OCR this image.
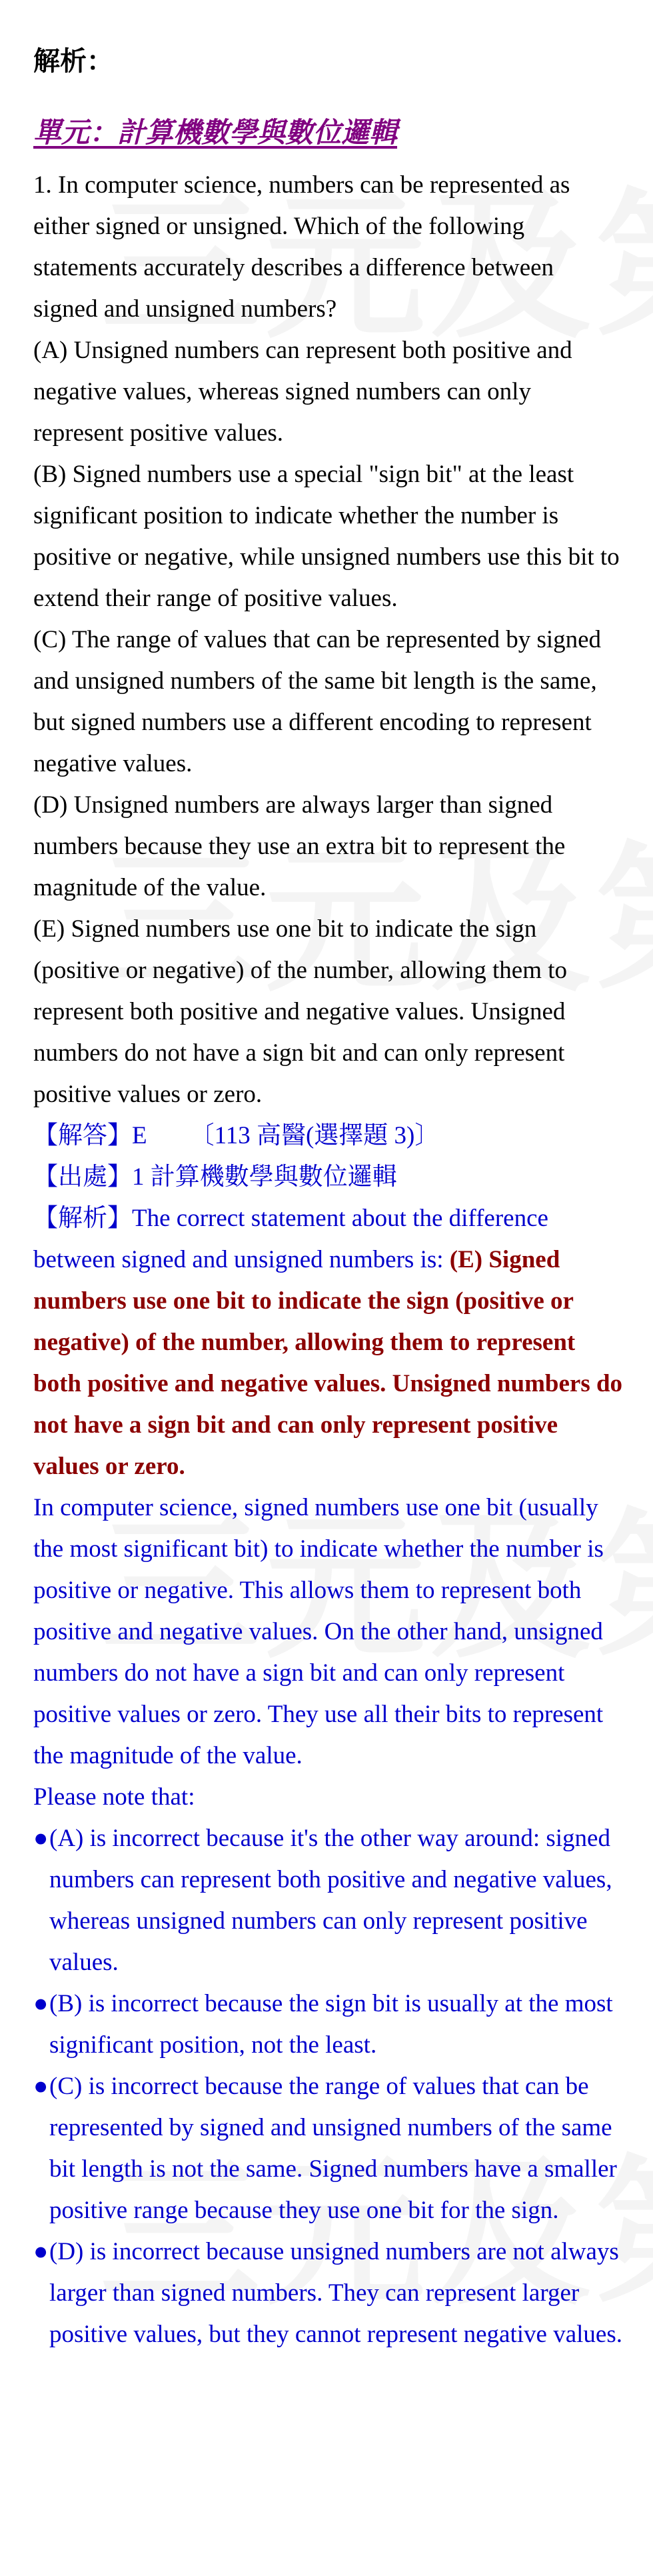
解析：
單元：計算機數學與數位邏輯

1. In computer science, numbers can be represented as either signed or unsigned. Which of the following statements accurately describes a difference between signed and unsigned numbers?

(A) Unsigned numbers can represent both positive and negative values, whereas signed numbers can only represent positive values.

(B) Signed numbers use a special "sign bit" at the least significant position to indicate whether the number is positive or negative, while unsigned numbers use this bit to extend their range of positive values.

(C) The range of values that can be represented by signed and unsigned numbers of the same bit length is the same, but signed numbers use a different encoding to represent negative values.

(D) Unsigned numbers are always larger than signed numbers because they use an extra bit to represent the magnitude of the value.

(E) Signed numbers use one bit to indicate the sign (positive or negative) of the number, allowing them to represent both positive and negative values. Unsigned numbers do not have a sign bit and can only represent positive values or zero.

【解答】E 〔113 高醫(選擇題 3)〕

【出處】1 計算機數學與數位邏輯

【解析】The correct statement about the difference between signed and unsigned numbers is: (E) Signed numbers use one bit to indicate the sign (positive or negative) of the number, allowing them to represent both positive and negative values. Unsigned numbers do not have a sign bit and can only represent positive values or zero.

In computer science, signed numbers use one bit (usually the most significant bit) to indicate whether the number is positive or negative. This allows them to represent both positive and negative values. On the other hand, unsigned numbers do not have a sign bit and can only represent positive values or zero. They use all their bits to represent the magnitude of the value.

Please note that:

●(A) is incorrect because it's the other way around: signed numbers can represent both positive and negative values, whereas unsigned numbers can only represent positive values.

●(B) is incorrect because the sign bit is usually at the most significant position, not the least.

●(C) is incorrect because the range of values that can be represented by signed and unsigned numbers of the same bit length is not the same. Signed numbers have a smaller positive range because they use one bit for the sign.

●(D) is incorrect because unsigned numbers are not always larger than signed numbers. They can represent larger positive values, but they cannot represent negative values.
